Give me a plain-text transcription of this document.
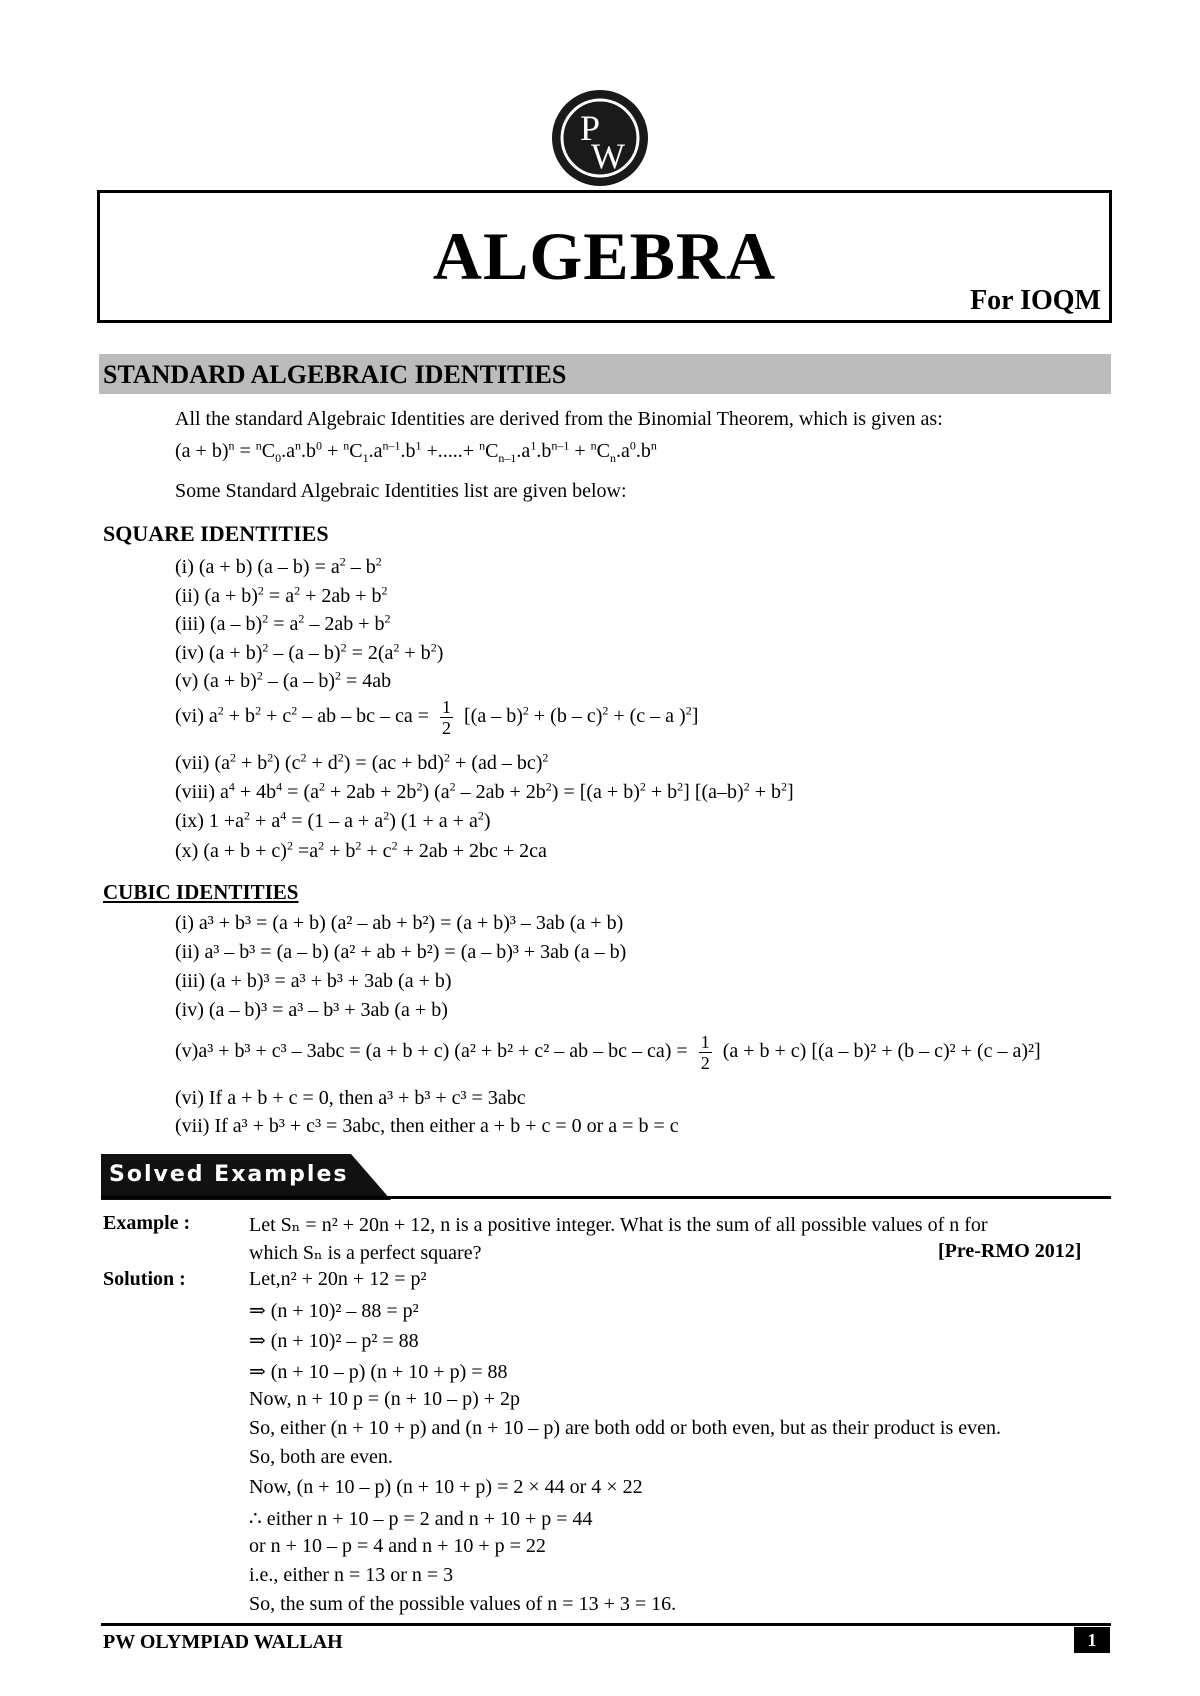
P
W
ALGEBRA
For IOQM
STANDARD ALGEBRAIC IDENTITIES
All the standard Algebraic Identities are derived from the Binomial Theorem, which is given as:
$(a + b)^n = ^nC_0.a^n.b^0 + ^nC_1.a^{n-1}.b^1$ +.....+ $^nC_{n-1}.a^1.b^{n-1} + ^nC_n.a^0.b^n$
Some Standard Algebraic Identities list are given below:
SQUARE IDENTITIES
(i) (a + b) $(a - b) = a^2 - b^2$
(ii) $(a + b)^2 = a^2 + 2ab + b^2$
(iii) $(a - b)^2 = a^2 - 2ab + b^2$
(iv) $(a + b)^2 - (a - b)^2 = 2(a^2 + b^2)$
(v) $(a + b)^2 - (a - b)^2 = 4ab$
(vi) $a^2 + b^2 + c^2$ – ab – bc – ca = $\frac{1}{2} [(a - b)^2 + (b - c)^2 + (c - a$ )$^2$]
(vii) $(a^2 + b^2) (c^2 + d^2) = (ac + bd)^2 + (ad - bc)^2$
(viii) $a^4 + 4b^4 = (a^2 + 2ab + 2b^2)$ $(a^2 - 2ab + 2b^2) = [(a + b)^2 + b^2] [(a-b)^2 + b^2]$
(ix) $1 +a^2 + a^4 = (1 - a + a^2) (1 + a + a^2)$
(x) $(a + b + c)^2 =a^2 + b^2 + c^2 + 2ab + 2bc + 2ca$
CUBIC IDENTITIES
(i) a³ + b³ = (a + b) (a² – ab + b²) = (a + b)³ – 3ab (a + b)
(ii) a³ – b³ = (a – b) (a² + ab + b²) = (a – b)³ + 3ab (a – b)
(iii) (a + b)³ = a³ + b³ + 3ab (a + b)
(iv) (a – b)³ = a³ – b³ + 3ab (a + b)
(v)a³ + b³ + c³ – 3abc = (a + b + c) (a² + b² + c² – ab – bc – $ca) = \frac{1}{2} (a + b + c)$ [(a – b)² + (b – c)² + (c – a)²]
(vi) If a + b + c = 0, then a³ + b³ + c³ = 3abc
(vii) If a³ + b³ + c³ = 3abc, then either a + b + c = 0 or a = b = c
Solved Examples
Example :	Let Sₙ = n² + 20n + 12, n is a positive integer. What is the sum of all possible values of n for
which Sₙ is a perfect square?	[Pre-RMO 2012]
Solution :	Let,n² + 20n + 12 = p²
⇒ (n + 10)² – 88 = p²
⇒ (n + 10)² – p² = 88
⇒ (n + 10 – p) (n + 10 + p) = 88
Now, n + 10 p = (n + 10 – p) + 2p
So, either (n + 10 + p) and (n + 10 – p) are both odd or both even, but as their product is even.
So, both are even.
Now, (n + 10 – p) (n + 10 + p) = 2 × 44 or 4 × 22
∴ either n + 10 – p = 2 and n + 10 + p = 44
or n + 10 – p = 4 and n + 10 + p = 22
i.e., either n = 13 or n = 3
So, the sum of the possible values of n = 13 + 3 = 16.
PW OLYMPIAD WALLAH	1
